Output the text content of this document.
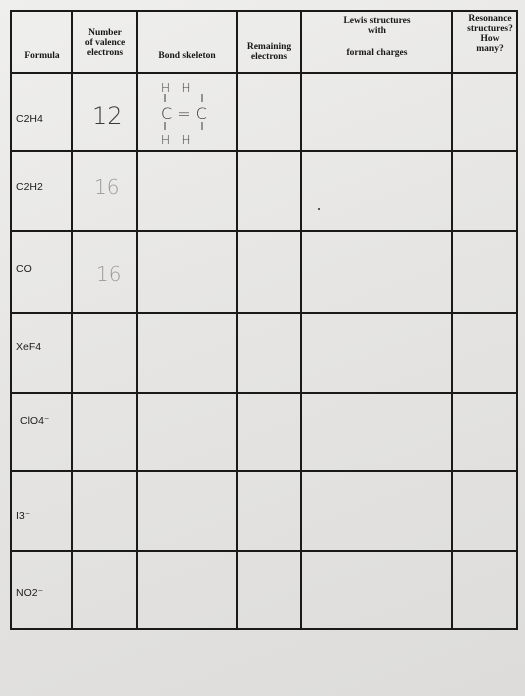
Formula
Number
of valence
electrons	Bond skeleton
Remaining
electrons
Lewis structures
with
formal charges
Resonance
structures?
How
many?
C2H4
C2H2
CO
XeF4
ClO4⁻
I3⁻
NO2⁻
12
16
16
H   H
C = C
H   H
